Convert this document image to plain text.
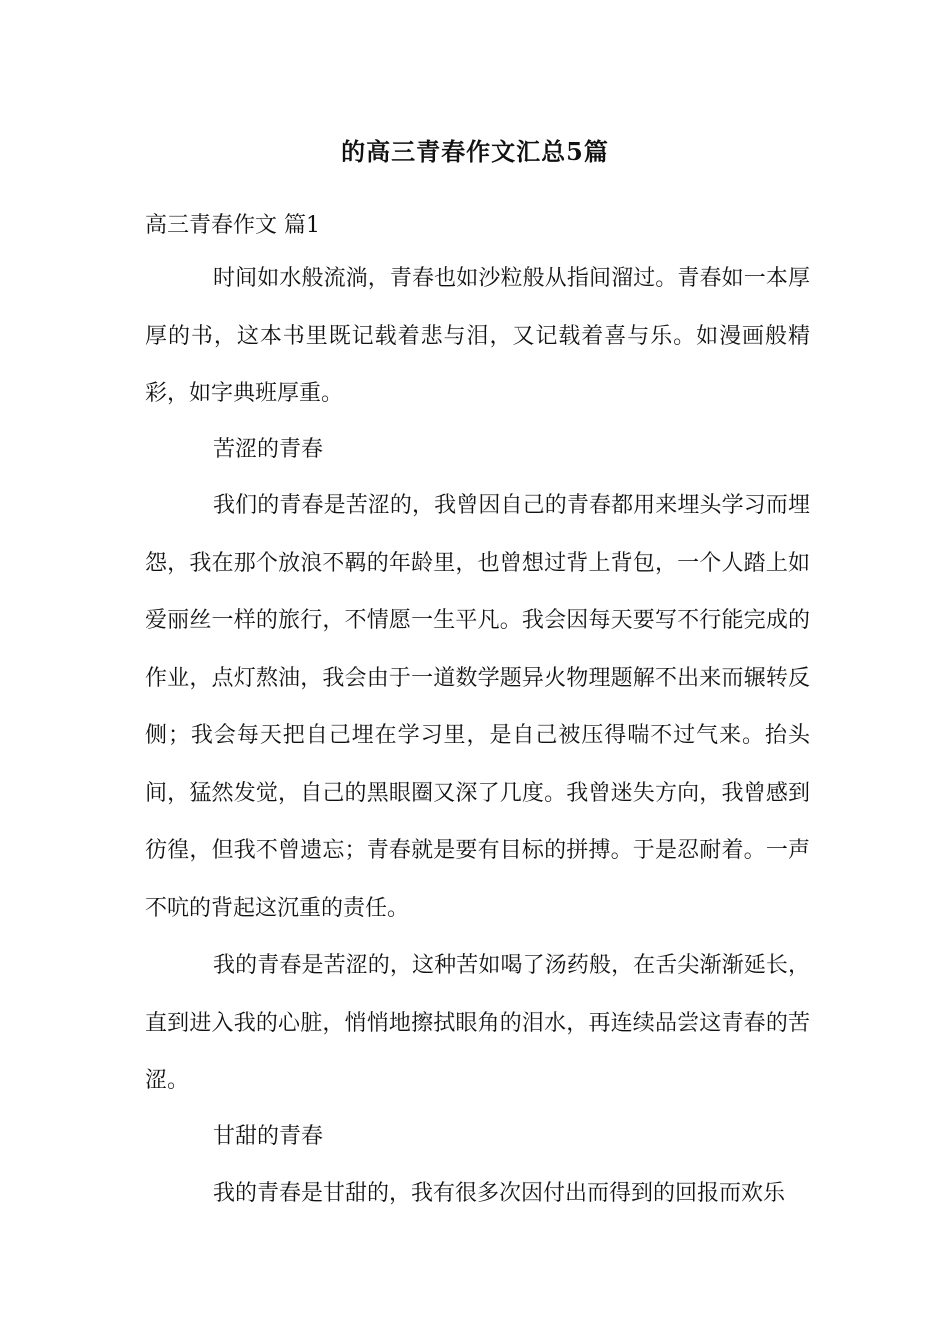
的高三青春作文汇总5篇
高三青春作文 篇1

时间如水般流淌，青春也如沙粒般从指间溜过。青春如一本厚厚的书，这本书里既记载着悲与泪，又记载着喜与乐。如漫画般精彩，如字典班厚重。

苦涩的青春

我们的青春是苦涩的，我曾因自己的青春都用来埋头学习而埋怨，我在那个放浪不羁的年龄里，也曾想过背上背包，一个人踏上如爱丽丝一样的旅行，不情愿一生平凡。我会因每天要写不行能完成的作业，点灯熬油，我会由于一道数学题异火物理题解不出来而辗转反侧；我会每天把自己埋在学习里，是自己被压得喘不过气来。抬头间，猛然发觉，自己的黑眼圈又深了几度。我曾迷失方向，我曾感到彷徨，但我不曾遗忘；青春就是要有目标的拼搏。于是忍耐着。一声不吭的背起这沉重的责任。

我的青春是苦涩的，这种苦如喝了汤药般，在舌尖渐渐延长，直到进入我的心脏，悄悄地擦拭眼角的泪水，再连续品尝这青春的苦涩。

甘甜的青春

我的青春是甘甜的，我有很多次因付出而得到的回报而欢乐
